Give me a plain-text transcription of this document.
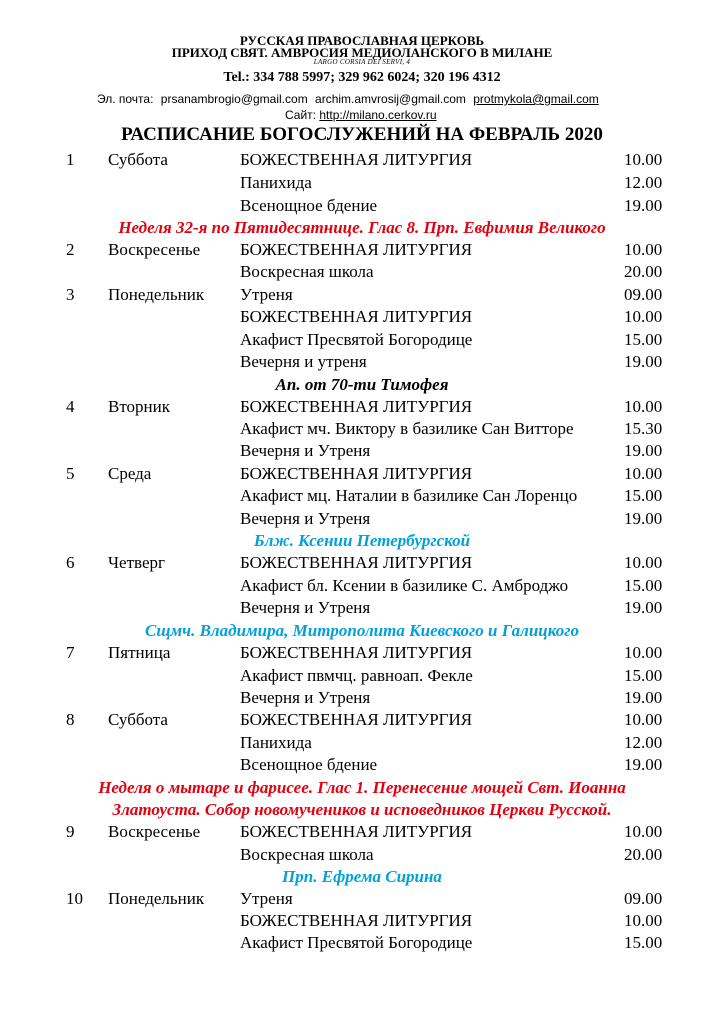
РУССКАЯ ПРАВОСЛАВНАЯ ЦЕРКОВЬ
ПРИХОД СВЯТ. АМВРОСИЯ МЕДИОЛАНСКОГО В МИЛАНЕ
LARGO CORSIA DEI SERVI, 4
Tel.: 334 788 5997; 329 962 6024; 320 196 4312
Эл. почта: prsanambrogio@gmail.com archim.amvrosij@gmail.com protmykola@gmail.com
Сайт: http://milano.cerkov.ru
РАСПИСАНИЕ БОГОСЛУЖЕНИЙ НА ФЕВРАЛЬ 2020
1 Суббота	БОЖЕСТВЕННАЯ ЛИТУРГИЯ	10.00
Панихида	12.00
Всенощное бдение	19.00
Неделя 32-я по Пятидесятнице. Глас 8. Прп. Евфимия Великого
2 Воскресенье БОЖЕСТВЕННАЯ ЛИТУРГИЯ	10.00
Воскресная школа	20.00
3 Понедельник Утреня	09.00
БОЖЕСТВЕННАЯ ЛИТУРГИЯ	10.00
Акафист Пресвятой Богородице	15.00
Вечерня и утреня	19.00
Ап. от 70-ти Тимофея
4 Вторник	БОЖЕСТВЕННАЯ ЛИТУРГИЯ	10.00
Акафист мч. Виктору в базилике Сан Витторе	15.30
Вечерня и Утреня	19.00
5 Среда	БОЖЕСТВЕННАЯ ЛИТУРГИЯ	10.00
Акафист мц. Наталии в базилике Сан Лоренцо	15.00
Вечерня и Утреня	19.00
Блж. Ксении Петербургской
6 Четверг	БОЖЕСТВЕННАЯ ЛИТУРГИЯ	10.00
Акафист бл. Ксении в базилике С. Амброджо	15.00
Вечерня и Утреня	19.00
Сщмч. Владимира, Митрополита Киевского и Галицкого
7 Пятница	БОЖЕСТВЕННАЯ ЛИТУРГИЯ	10.00
Акафист пвмчц. равноап. Фекле	15.00
Вечерня и Утреня	19.00
8 Суббота	БОЖЕСТВЕННАЯ ЛИТУРГИЯ	10.00
Панихида	12.00
Всенощное бдение	19.00
Неделя о мытаре и фарисее. Глас 1. Перенесение мощей Свт. Иоанна
Златоуста. Собор новомучеников и исповедников Церкви Русской.
9 Воскресенье БОЖЕСТВЕННАЯ ЛИТУРГИЯ	10.00
Воскресная школа	20.00
Прп. Ефрема Сирина
10 Понедельник Утреня	09.00
БОЖЕСТВЕННАЯ ЛИТУРГИЯ	10.00
Акафист Пресвятой Богородице	15.00
